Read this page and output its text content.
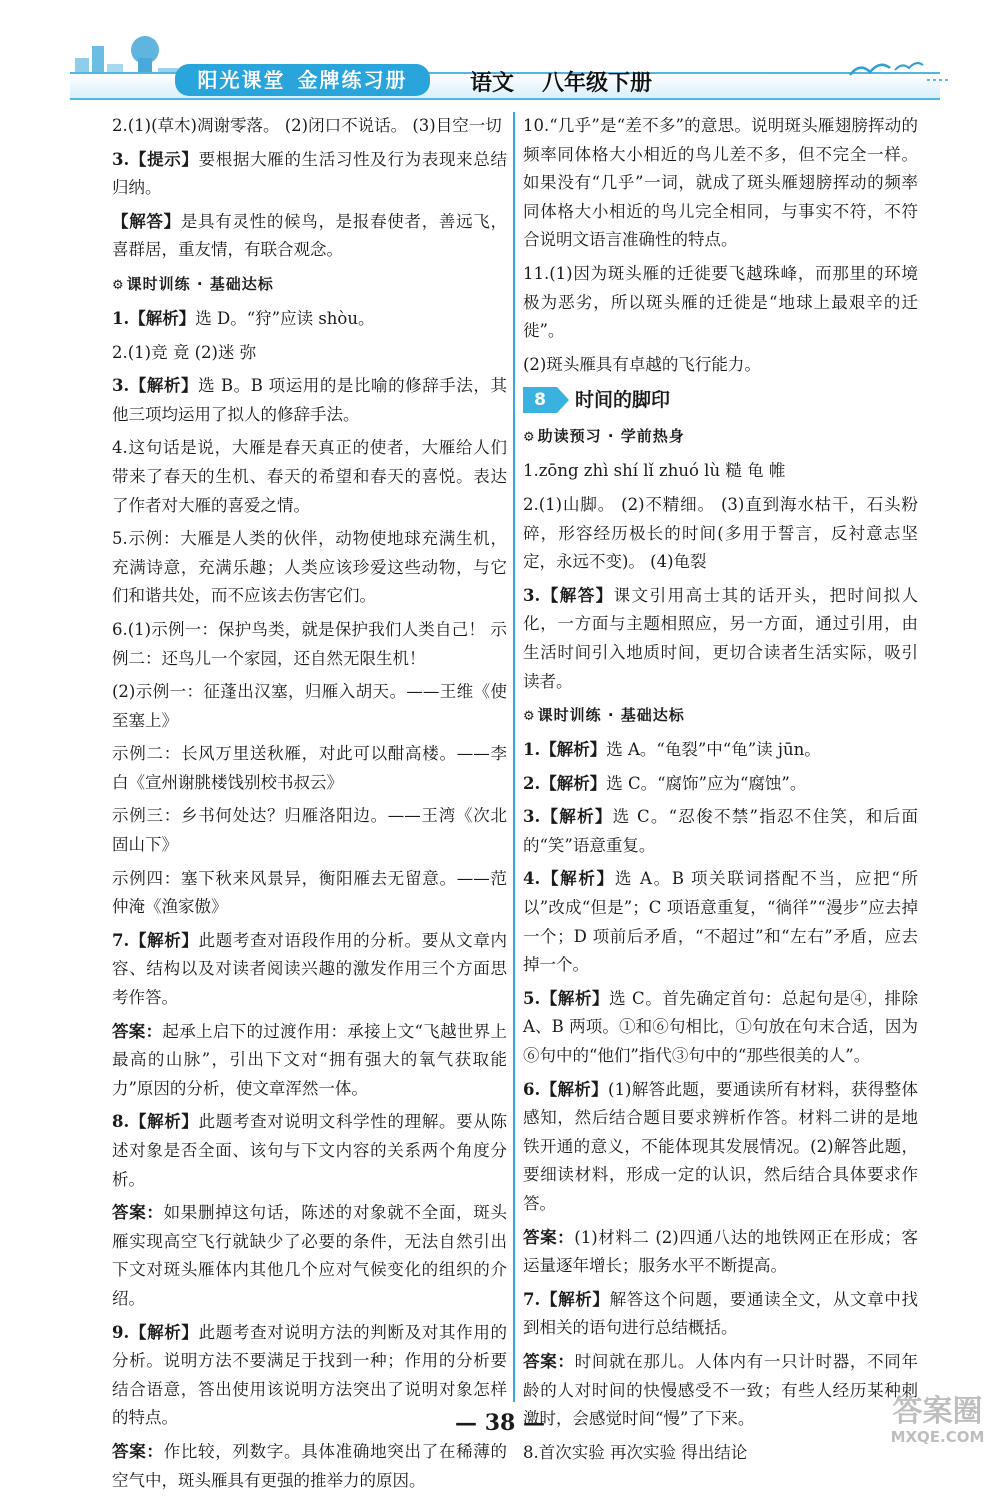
阳光课堂 金牌练习册	语文 八年级下册

2.(1)(草木)凋谢零落。 (2)闭口不说话。 (3)目空一切

3.【提示】要根据大雁的生活习性及行为表现来总结归纳。

【解答】是具有灵性的候鸟，是报春使者，善远飞，喜群居，重友情，有联合观念。

⚙ 课时训练 · 基础达标

1.【解析】选 D。“狩”应读 shòu。

2.(1)竞 竟 (2)迷 弥

3.【解析】选 B。B 项运用的是比喻的修辞手法，其他三项均运用了拟人的修辞手法。

4.这句话是说，大雁是春天真正的使者，大雁给人们带来了春天的生机、春天的希望和春天的喜悦。表达了作者对大雁的喜爱之情。

5.示例：大雁是人类的伙伴，动物使地球充满生机，充满诗意，充满乐趣；人类应该珍爱这些动物，与它们和谐共处，而不应该去伤害它们。

6.(1)示例一：保护鸟类，就是保护我们人类自己！ 示例二：还鸟儿一个家园，还自然无限生机！

(2)示例一：征蓬出汉塞，归雁入胡天。——王维《使至塞上》

示例二：长风万里送秋雁，对此可以酣高楼。——李白《宣州谢朓楼饯别校书叔云》

示例三：乡书何处达？归雁洛阳边。——王湾《次北固山下》

示例四：塞下秋来风景异，衡阳雁去无留意。——范仲淹《渔家傲》

7.【解析】此题考查对语段作用的分析。要从文章内容、结构以及对读者阅读兴趣的激发作用三个方面思考作答。

答案：起承上启下的过渡作用：承接上文“飞越世界上最高的山脉”，引出下文对“拥有强大的氧气获取能力”原因的分析，使文章浑然一体。

8.【解析】此题考查对说明文科学性的理解。要从陈述对象是否全面、该句与下文内容的关系两个角度分析。

答案：如果删掉这句话，陈述的对象就不全面，斑头雁实现高空飞行就缺少了必要的条件，无法自然引出下文对斑头雁体内其他几个应对气候变化的组织的介绍。

9.【解析】此题考查对说明方法的判断及对其作用的分析。说明方法不要满足于找到一种；作用的分析要结合语意，答出使用该说明方法突出了说明对象怎样的特点。

答案：作比较，列数字。具体准确地突出了在稀薄的空气中，斑头雁具有更强的推举力的原因。

10.“几乎”是“差不多”的意思。说明斑头雁翅膀挥动的频率同体格大小相近的鸟儿差不多，但不完全一样。如果没有“几乎”一词，就成了斑头雁翅膀挥动的频率同体格大小相近的鸟儿完全相同，与事实不符，不符合说明文语言准确性的特点。

11.(1)因为斑头雁的迁徙要飞越珠峰，而那里的环境极为恶劣，所以斑头雁的迁徙是“地球上最艰辛的迁徙”。

(2)斑头雁具有卓越的飞行能力。

8	时间的脚印
⚙ 助读预习 · 学前热身

1.zōng zhì shí lǐ zhuó lù 糙 龟 帷

2.(1)山脚。 (2)不精细。 (3)直到海水枯干，石头粉碎，形容经历极长的时间(多用于誓言，反衬意志坚定，永远不变)。 (4)龟裂

3.【解答】课文引用高士其的话开头，把时间拟人化，一方面与主题相照应，另一方面，通过引用，由生活时间引入地质时间，更切合读者生活实际，吸引读者。

⚙ 课时训练 · 基础达标

1.【解析】选 A。“龟裂”中“龟”读 jūn。

2.【解析】选 C。“腐饰”应为“腐蚀”。

3.【解析】选 C。“忍俊不禁”指忍不住笑，和后面的“笑”语意重复。

4.【解析】选 A。B 项关联词搭配不当，应把“所以”改成“但是”；C 项语意重复，“徜徉”“漫步”应去掉一个；D 项前后矛盾，“不超过”和“左右”矛盾，应去掉一个。

5.【解析】选 C。首先确定首句：总起句是④，排除 A、B 两项。①和⑥句相比，①句放在句末合适，因为⑥句中的“他们”指代③句中的“那些很美的人”。

6.【解析】(1)解答此题，要通读所有材料，获得整体感知，然后结合题目要求辨析作答。材料二讲的是地铁开通的意义，不能体现其发展情况。(2)解答此题，要细读材料，形成一定的认识，然后结合具体要求作答。

答案：(1)材料二 (2)四通八达的地铁网正在形成；客运量逐年增长；服务水平不断提高。

7.【解析】解答这个问题，要通读全文，从文章中找到相关的语句进行总结概括。

答案：时间就在那儿。人体内有一只计时器，不同年龄的人对时间的快慢感受不一致；有些人经历某种刺激时，会感觉时间“慢”了下来。

8.首次实验 再次实验 得出结论

— 38 —	答案圈
MXQE.COM
